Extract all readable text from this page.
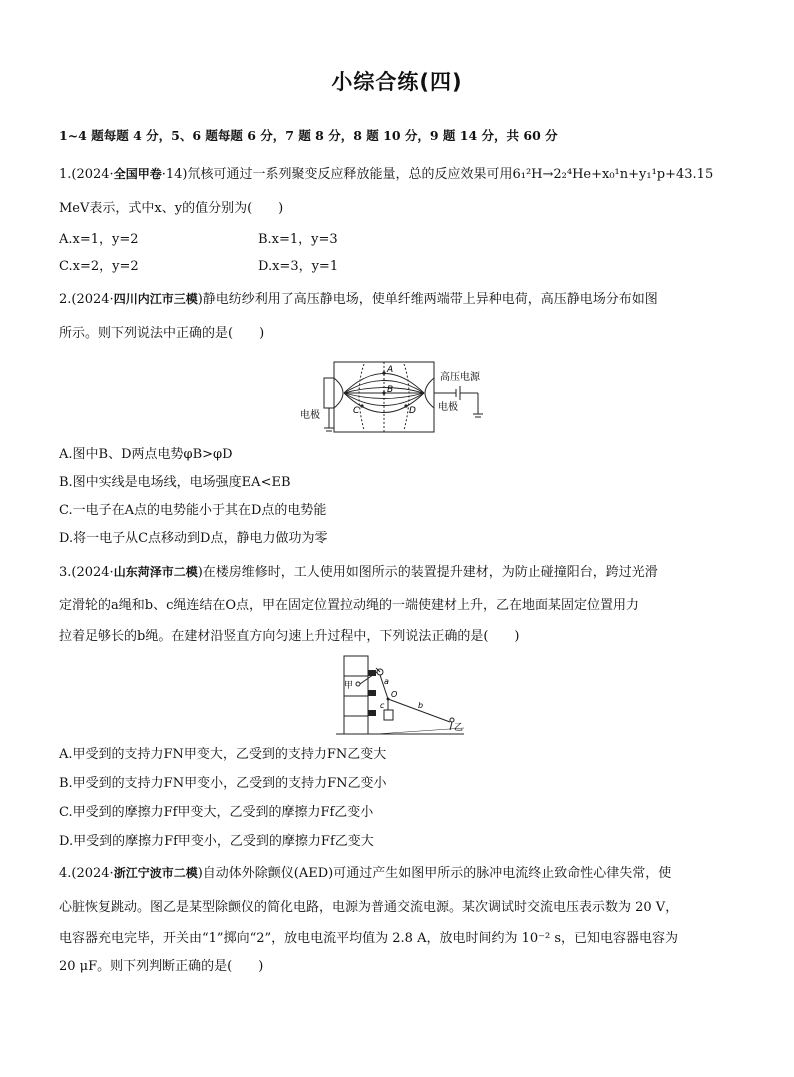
小综合练(四)
1~4 题每题 4 分，5、6 题每题 6 分，7 题 8 分，8 题 10 分，9 题 14 分，共 60 分
1.(2024·全国甲卷·14)氘核可通过一系列聚变反应释放能量，总的反应效果可用6₁²H→2₂⁴He+x₀¹n+y₁¹p+43.15
MeV表示，式中x、y的值分别为(　　)
A.x=1，y=2	B.x=1，y=3
C.x=2，y=2	D.x=3，y=1
2.(2024·四川内江市三模)静电纺纱利用了高压静电场，使单纤维两端带上异种电荷，高压静电场分布如图
所示。则下列说法中正确的是(　　)
A
B
C	D
电极
高压电源
电极
A.图中B、D两点电势φB>φD
B.图中实线是电场线，电场强度EA<EB
C.一电子在A点的电势能小于其在D点的电势能
D.将一电子从C点移动到D点，静电力做功为零
3.(2024·山东菏泽市二模)在楼房维修时，工人使用如图所示的装置提升建材，为防止碰撞阳台，跨过光滑
定滑轮的a绳和b、c绳连结在O点，甲在固定位置拉动绳的一端使建材上升，乙在地面某固定位置用力
拉着足够长的b绳。在建材沿竖直方向匀速上升过程中，下列说法正确的是(　　)
甲
乙
a
b
c
O
A.甲受到的支持力FN甲变大，乙受到的支持力FN乙变大
B.甲受到的支持力FN甲变小，乙受到的支持力FN乙变小
C.甲受到的摩擦力Ff甲变大，乙受到的摩擦力Ff乙变小
D.甲受到的摩擦力Ff甲变小，乙受到的摩擦力Ff乙变大
4.(2024·浙江宁波市二模)自动体外除颤仪(AED)可通过产生如图甲所示的脉冲电流终止致命性心律失常，使
心脏恢复跳动。图乙是某型除颤仪的简化电路，电源为普通交流电源。某次调试时交流电压表示数为 20 V，
电容器充电完毕，开关由“1”掷向“2”，放电电流平均值为 2.8 A，放电时间约为 10⁻² s，已知电容器电容为
20 μF。则下列判断正确的是(　　)
